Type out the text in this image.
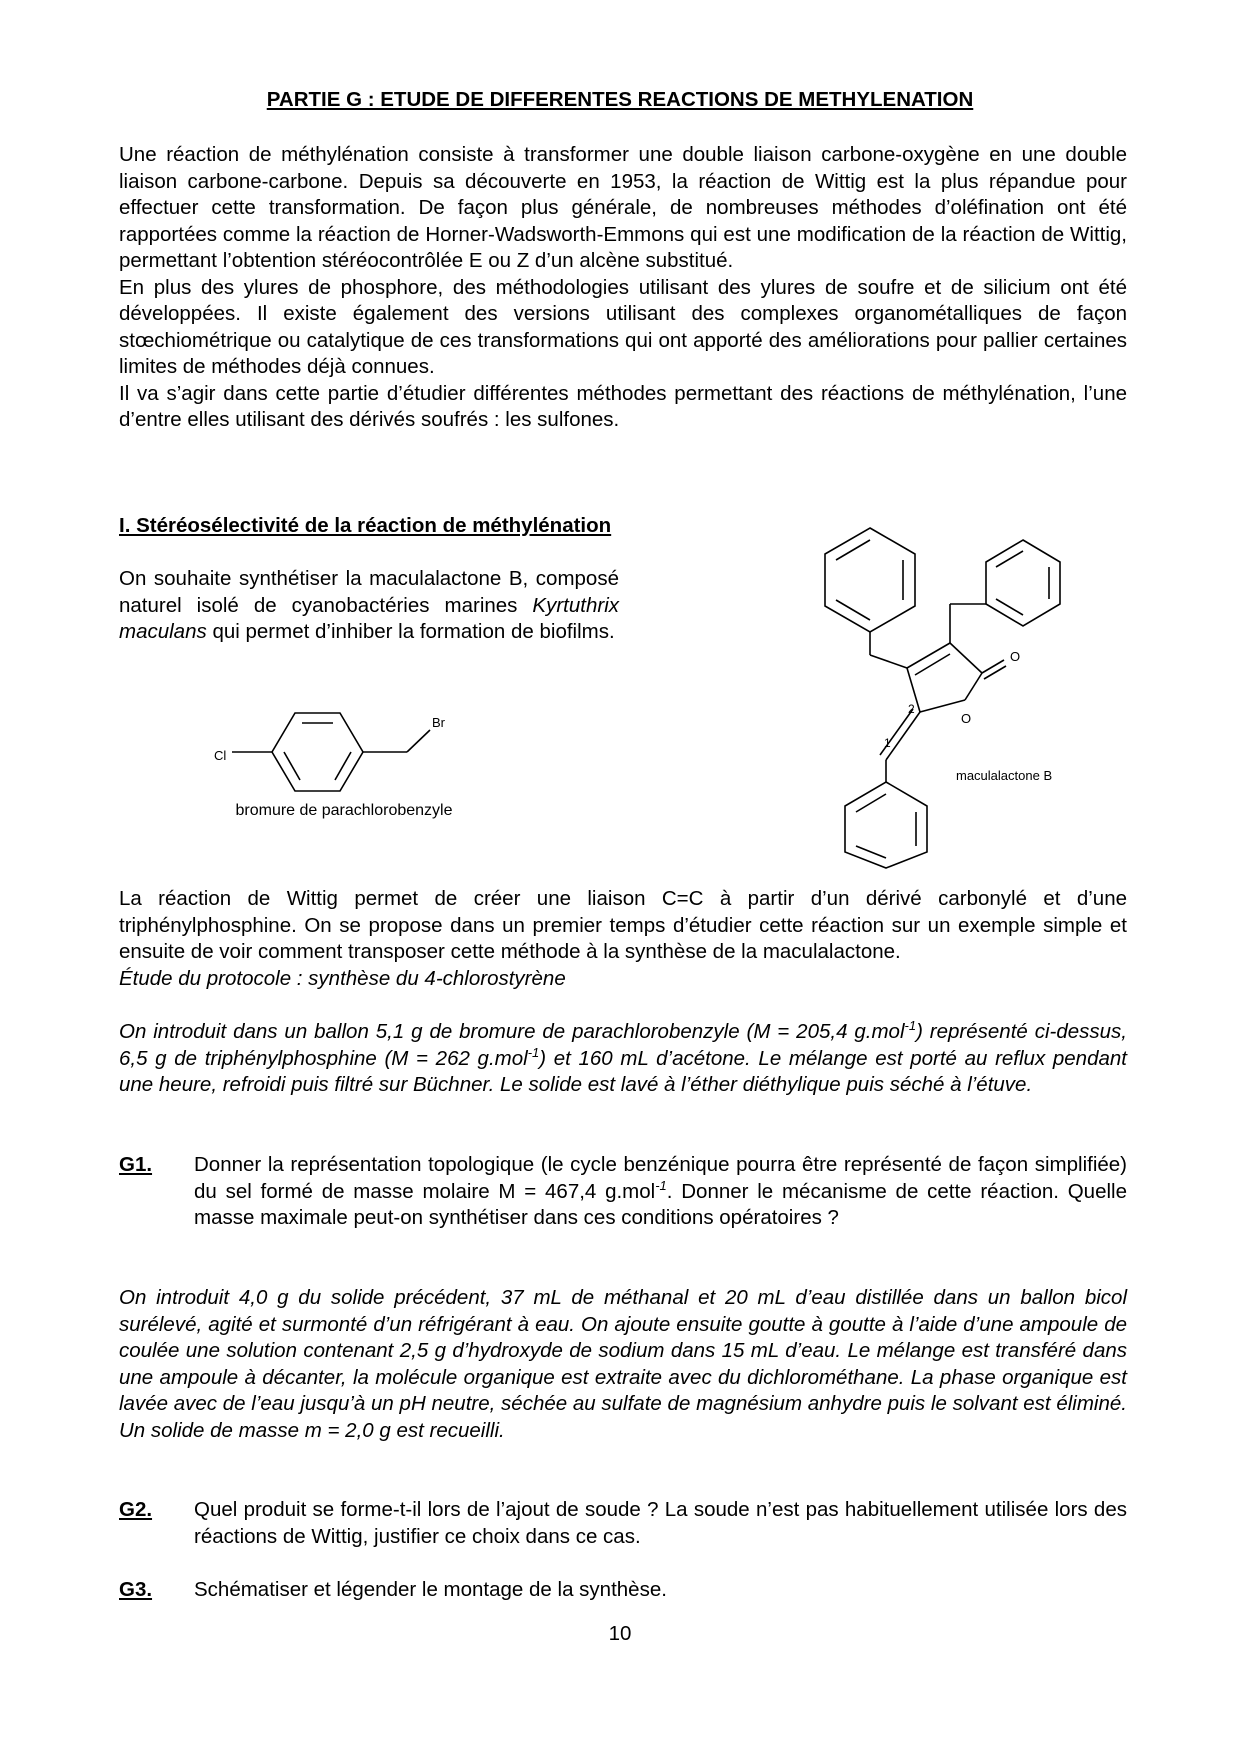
PARTIE G : ETUDE DE DIFFERENTES REACTIONS DE METHYLENATION

Une réaction de méthylénation consiste à transformer une double liaison carbone-oxygène en une double liaison carbone-carbone. Depuis sa découverte en 1953, la réaction de Wittig est la plus répandue pour effectuer cette transformation. De façon plus générale, de nombreuses méthodes d’oléfination ont été rapportées comme la réaction de Horner-Wadsworth-Emmons qui est une modification de la réaction de Wittig, permettant l’obtention stéréocontrôlée E ou Z d’un alcène substitué.

En plus des ylures de phosphore, des méthodologies utilisant des ylures de soufre et de silicium ont été développées. Il existe également des versions utilisant des complexes organométalliques de façon stœchiométrique ou catalytique de ces transformations qui ont apporté des améliorations pour pallier certaines limites de méthodes déjà connues.

Il va s’agir dans cette partie d’étudier différentes méthodes permettant des réactions de méthylénation, l’une d’entre elles utilisant des dérivés soufrés : les sulfones.

I. Stéréosélectivité de la réaction de méthylénation
On souhaite synthétiser la maculalactone B, composé naturel isolé de cyanobactéries marines Kyrtuthrix maculans qui permet d’inhiber la formation de biofilms.
Cl
Br
bromure de parachlorobenzyle
O
O
2
1
maculalactone B

La réaction de Wittig permet de créer une liaison C=C à partir d’un dérivé carbonylé et d’une triphénylphosphine. On se propose dans un premier temps d’étudier cette réaction sur un exemple simple et ensuite de voir comment transposer cette méthode à la synthèse de la maculalactone.

Étude du protocole : synthèse du 4-chlorostyrène

On introduit dans un ballon 5,1 g de bromure de parachlorobenzyle (M = 205,4 g.mol$^{-1}$) représenté ci-dessus, 6,5 g de triphénylphosphine (M = 262 g.mol$^{-1}$) et 160 mL d’acétone. Le mélange est porté au reflux pendant une heure, refroidi puis filtré sur Büchner. Le solide est lavé à l’éther diéthylique puis séché à l’étuve.
G1. Donner la représentation topologique (le cycle benzénique pourra être représenté de façon simplifiée) du sel formé de masse molaire M = 467,4 g.mol$^{-1}$. Donner le mécanisme de cette réaction. Quelle masse maximale peut-on synthétiser dans ces conditions opératoires ?
On introduit 4,0 g du solide précédent, 37 mL de méthanal et 20 mL d’eau distillée dans un ballon bicol surélevé, agité et surmonté d’un réfrigérant à eau. On ajoute ensuite goutte à goutte à l’aide d’une ampoule de coulée une solution contenant 2,5 g d’hydroxyde de sodium dans 15 mL d’eau. Le mélange est transféré dans une ampoule à décanter, la molécule organique est extraite avec du dichlorométhane. La phase organique est lavée avec de l’eau jusqu’à un pH neutre, séchée au sulfate de magnésium anhydre puis le solvant est éliminé. Un solide de masse m = 2,0 g est recueilli.
G2. Quel produit se forme-t-il lors de l’ajout de soude ? La soude n’est pas habituellement utilisée lors des réactions de Wittig, justifier ce choix dans ce cas.
G3. Schématiser et légender le montage de la synthèse.
10
